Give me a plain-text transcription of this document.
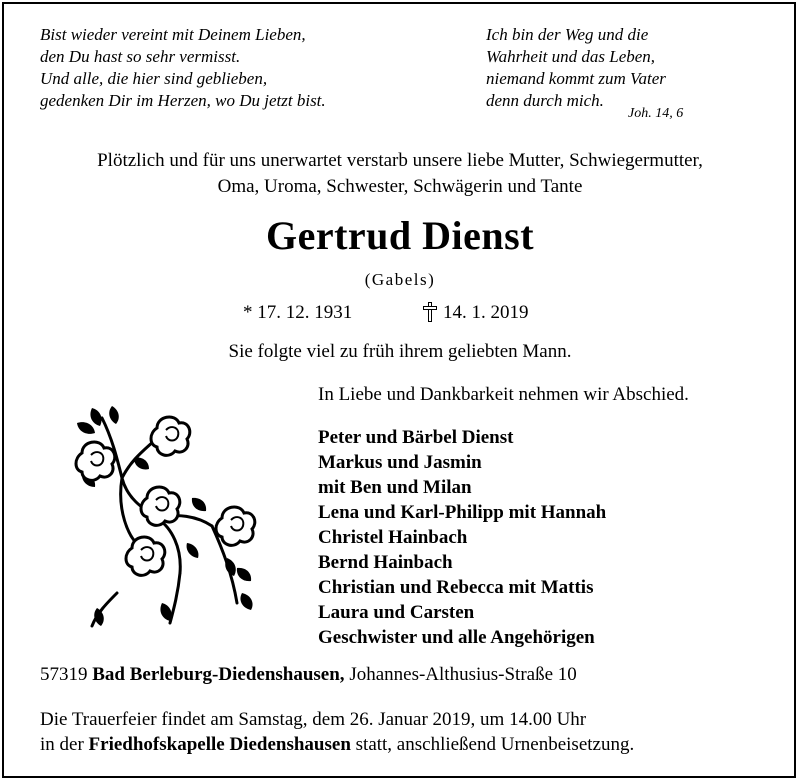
Bist wieder vereint mit Deinem Lieben,
den Du hast so sehr vermisst.
Und alle, die hier sind geblieben,
gedenken Dir im Herzen, wo Du jetzt bist.
Ich bin der Weg und die
Wahrheit und das Leben,
niemand kommt zum Vater
denn durch mich.
Joh. 14, 6
Plötzlich und für uns unerwartet verstarb unsere liebe Mutter, Schwiegermutter,
Oma, Uroma, Schwester, Schwägerin und Tante
Gertrud Dienst
(Gabels)
* 17. 12. 1931	14. 1. 2019
Sie folgte viel zu früh ihrem geliebten Mann.
In Liebe und Dankbarkeit nehmen wir Abschied.
Peter und Bärbel Dienst
Markus und Jasmin
mit Ben und Milan
Lena und Karl-Philipp mit Hannah
Christel Hainbach
Bernd Hainbach
Christian und Rebecca mit Mattis
Laura und Carsten
Geschwister und alle Angehörigen
57319 Bad Berleburg-Diedenshausen, Johannes-Althusius-Straße 10
Die Trauerfeier findet am Samstag, dem 26. Januar 2019, um 14.00 Uhr
in der Friedhofskapelle Diedenshausen statt, anschließend Urnenbeisetzung.
